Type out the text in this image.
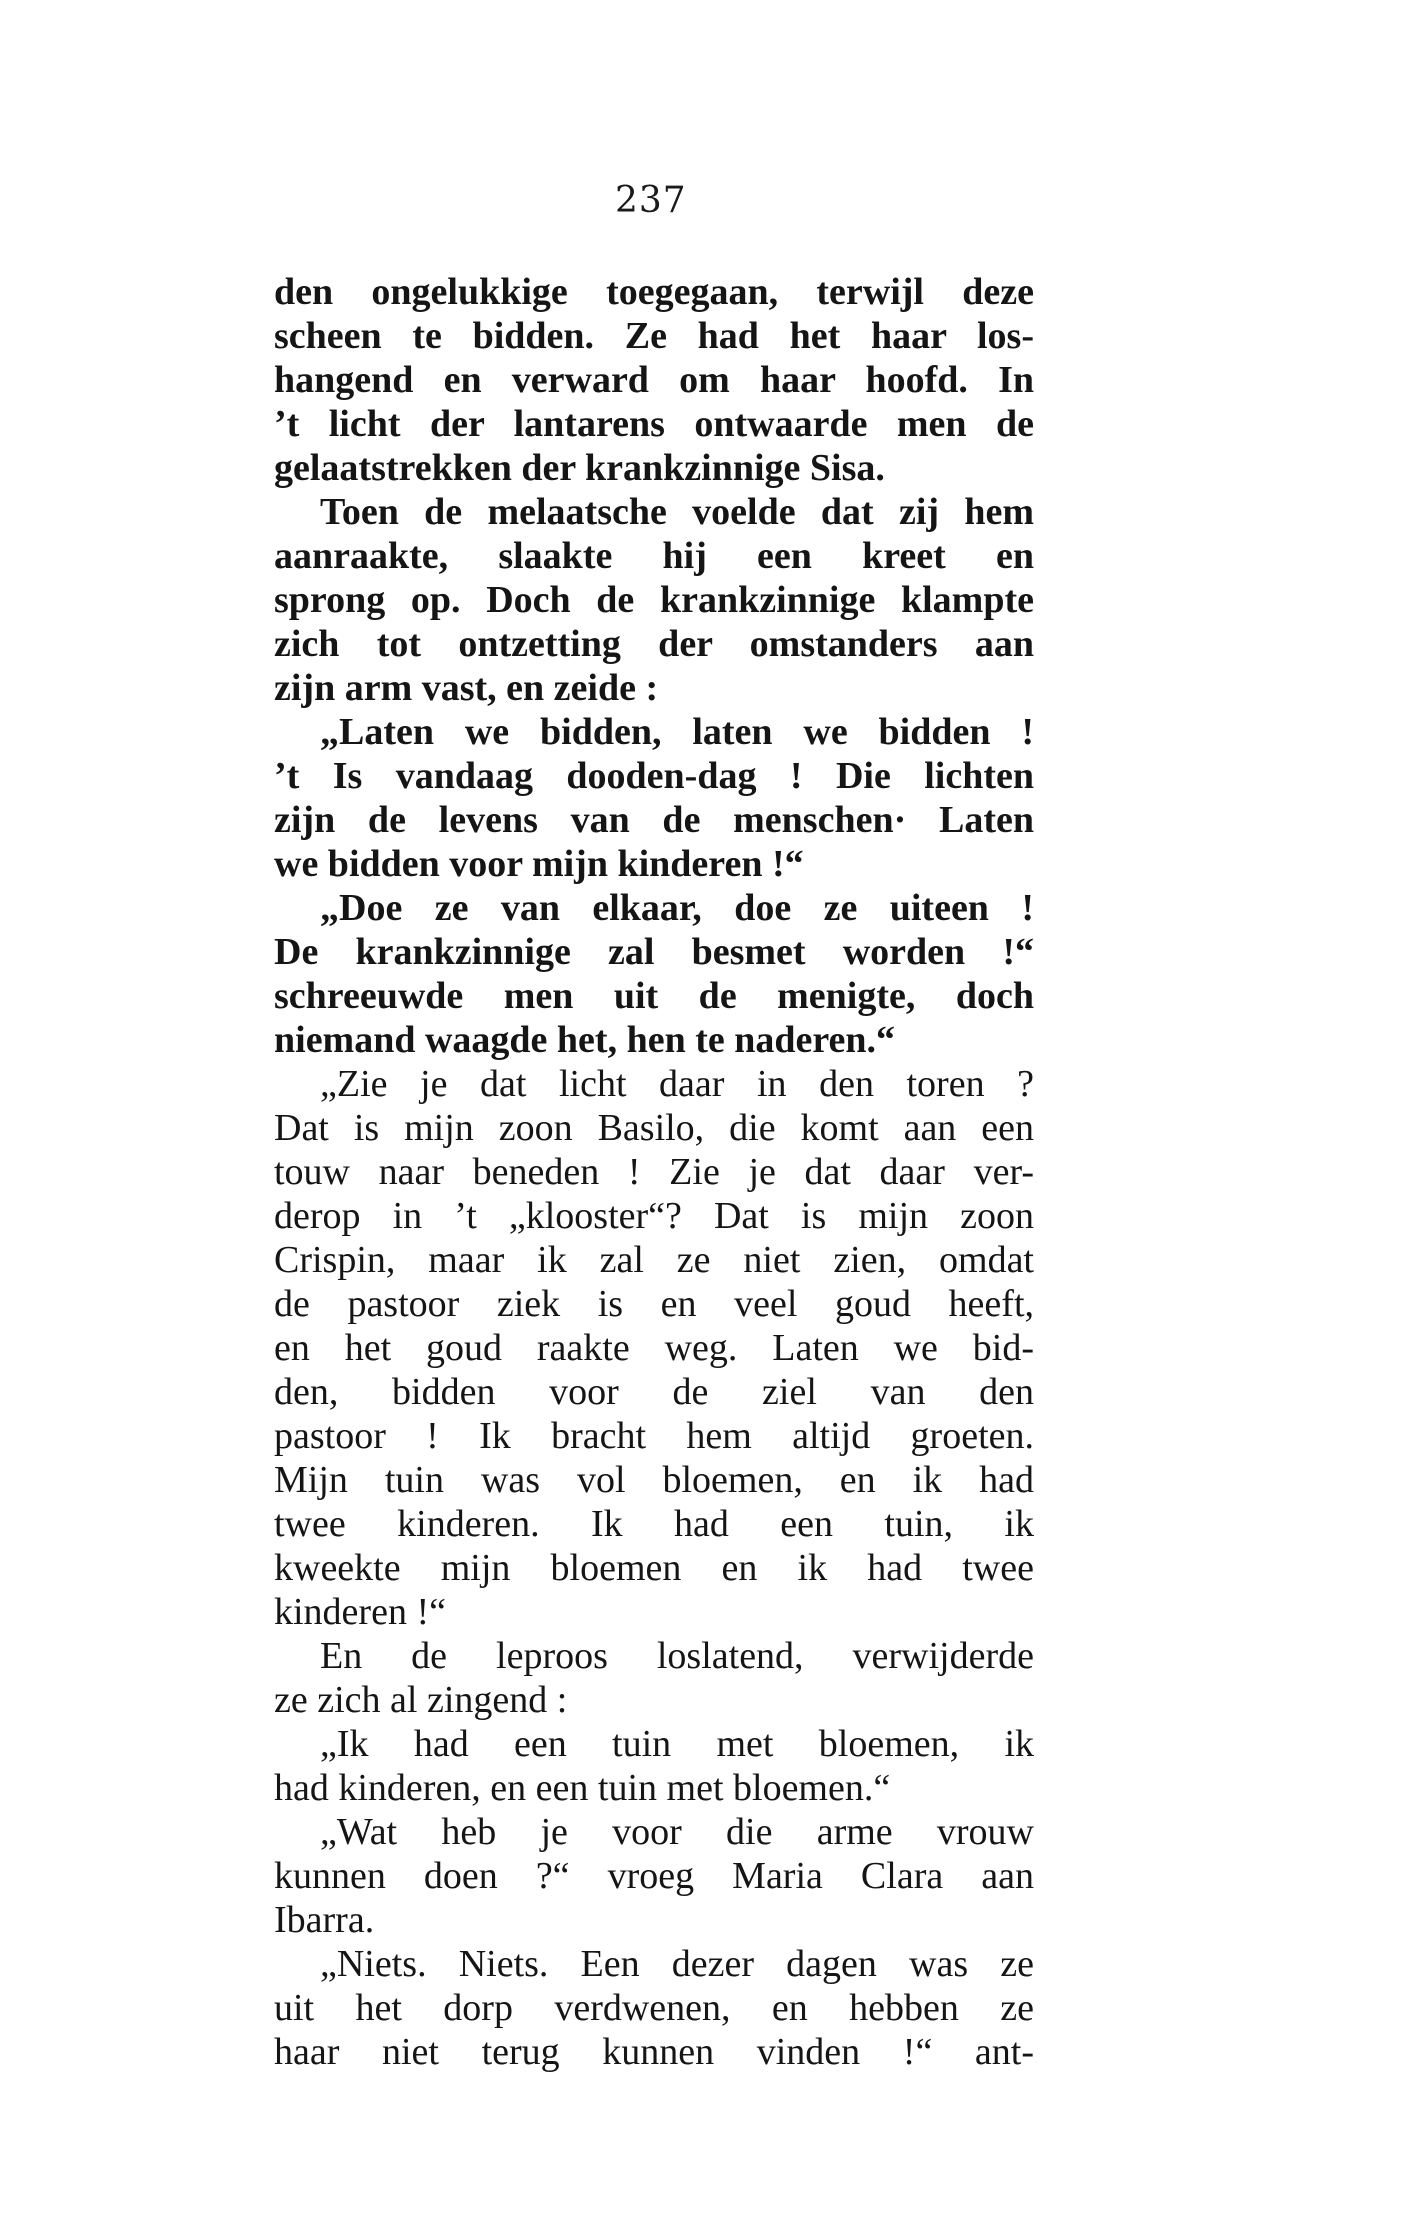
237
den ongelukkige toegegaan, terwijl deze
scheen te bidden. Ze had het haar los-
hangend en verward om haar hoofd. In
’t licht der lantarens ontwaarde men de
gelaatstrekken der krankzinnige Sisa.
Toen de melaatsche voelde dat zij hem
aanraakte, slaakte hij een kreet en
sprong op. Doch de krankzinnige klampte
zich tot ontzetting der omstanders aan
zijn arm vast, en zeide :
„Laten we bidden, laten we bidden !
’t Is vandaag dooden-dag ! Die lichten
zijn de levens van de menschen· Laten
we bidden voor mijn kinderen !“
„Doe ze van elkaar, doe ze uiteen !
De krankzinnige zal besmet worden !“
schreeuwde men uit de menigte, doch
niemand waagde het, hen te naderen.“
„Zie je dat licht daar in den toren ?
Dat is mijn zoon Basilo, die komt aan een
touw naar beneden ! Zie je dat daar ver-
derop in ’t „klooster“? Dat is mijn zoon
Crispin, maar ik zal ze niet zien, omdat
de pastoor ziek is en veel goud heeft,
en het goud raakte weg. Laten we bid-
den, bidden voor de ziel van den
pastoor ! Ik bracht hem altijd groeten.
Mijn tuin was vol bloemen, en ik had
twee kinderen. Ik had een tuin, ik
kweekte mijn bloemen en ik had twee
kinderen !“
En de leproos loslatend, verwijderde
ze zich al zingend :
„Ik had een tuin met bloemen, ik
had kinderen, en een tuin met bloemen.“
„Wat heb je voor die arme vrouw
kunnen doen ?“ vroeg Maria Clara aan
Ibarra.
„Niets. Niets. Een dezer dagen was ze
uit het dorp verdwenen, en hebben ze
haar niet terug kunnen vinden !“ ant-
